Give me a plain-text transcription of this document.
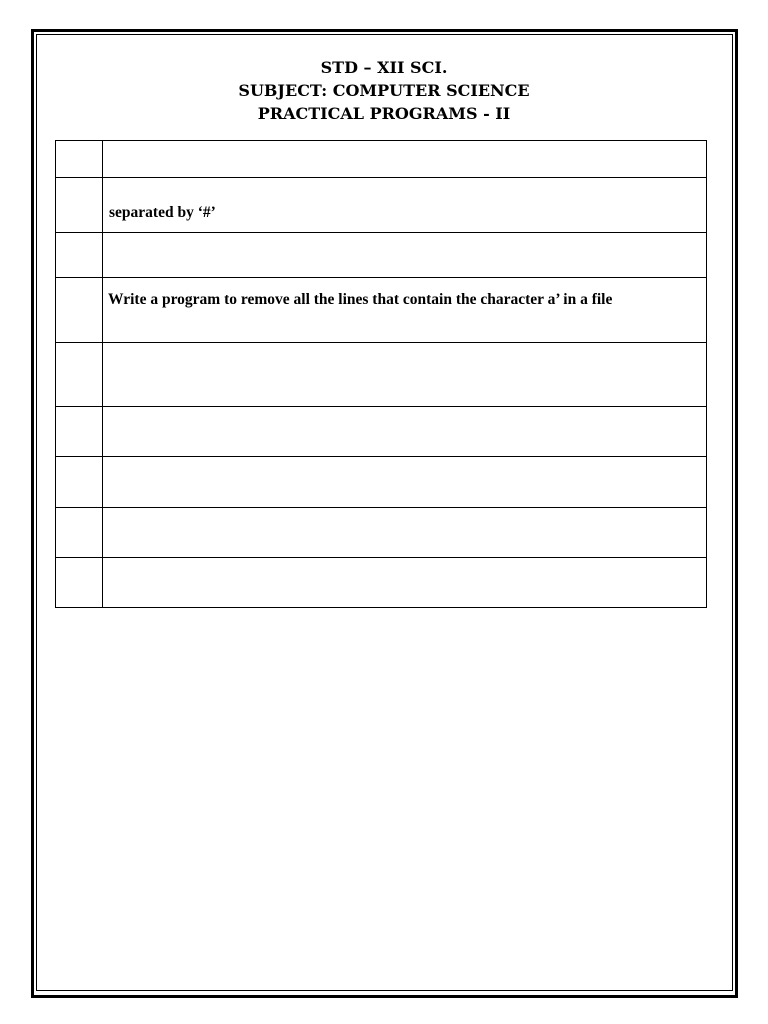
STD – XII SCI.
SUBJECT: COMPUTER SCIENCE
PRACTICAL PROGRAMS - II

	separated by ‘#’

	Write a program to remove all the lines that contain the character a’ in a file
